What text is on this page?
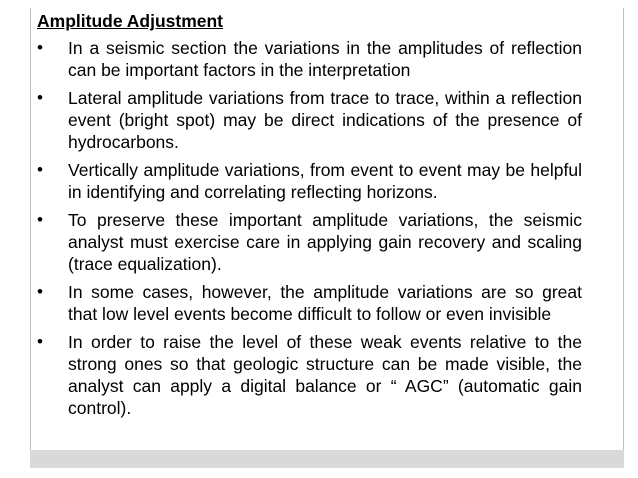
Amplitude Adjustment
•	In a seismic section the variations in the amplitudes of reflection can be important factors in the interpretation
•	Lateral amplitude variations from trace to trace, within a reflection event (bright spot) may be direct indications of the presence of hydrocarbons.
•	Vertically amplitude variations, from event to event may be helpful in identifying and correlating reflecting horizons.
•	To preserve these important amplitude variations, the seismic analyst must exercise care in applying gain recovery and scaling (trace equalization).
•	In some cases, however, the amplitude variations are so great that low level events become difficult to follow or even invisible
•	In order to raise the level of these weak events relative to the strong ones so that geologic structure can be made visible, the analyst can apply a digital balance or “ AGC” (automatic gain control).
